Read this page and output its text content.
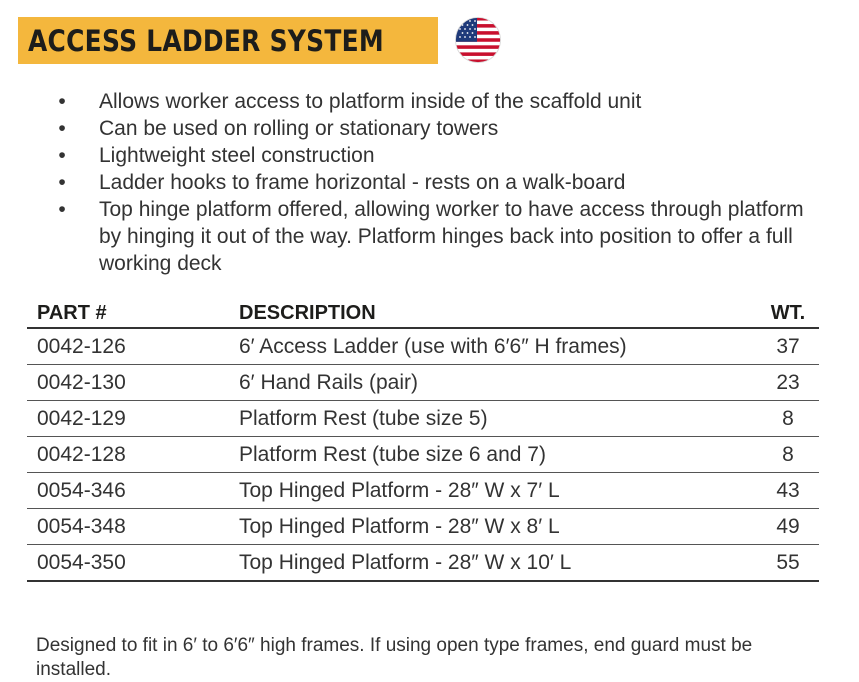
ACCESS LADDER SYSTEM
•	Allows worker access to platform inside of the scaffold unit
•	Can be used on rolling or stationary towers
•	Lightweight steel construction
•	Ladder hooks to frame horizontal - rests on a walk-board
•	Top hinge platform offered, allowing worker to have access through platform by hinging it out of the way. Platform hinges back into position to offer a full working deck
PART #	DESCRIPTION	WT.
0042-126	6′ Access Ladder (use with 6′6″ H frames)	37
0042-130	6′ Hand Rails (pair)	23
0042-129	Platform Rest (tube size 5)	8
0042-128	Platform Rest (tube size 6 and 7)	8
0054-346	Top Hinged Platform - 28″ W x 7′ L	43
0054-348	Top Hinged Platform - 28″ W x 8′ L	49
0054-350	Top Hinged Platform - 28″ W x 10′ L	55

Designed to fit in 6′ to 6′6″ high frames. If using open type frames, end guard must be installed.
